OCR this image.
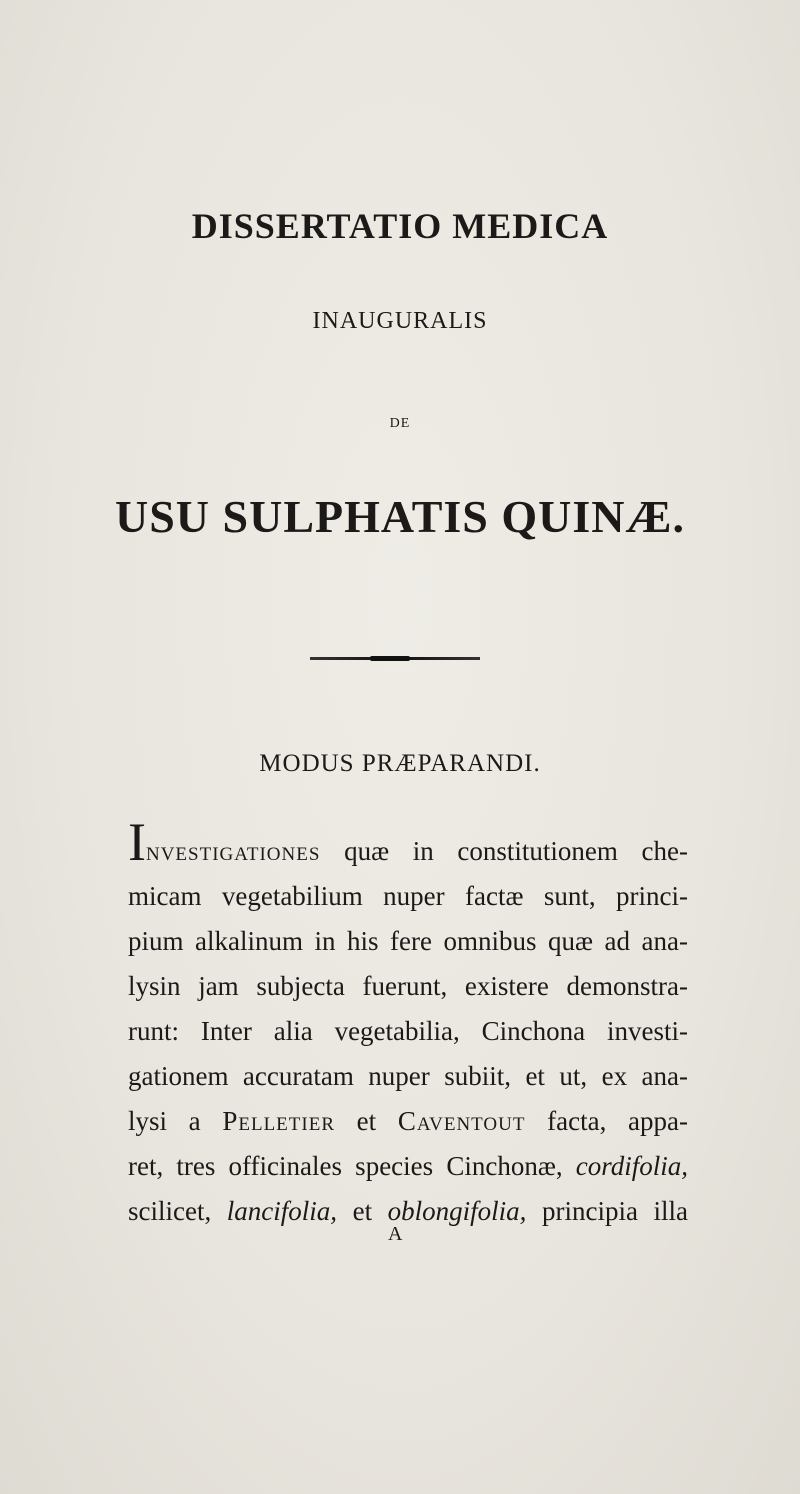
DISSERTATIO MEDICA
INAUGURALIS
DE
USU SULPHATIS QUINÆ.
MODUS PRÆPARANDI.
Investigationes quæ in constitutionem che-
micam vegetabilium nuper factæ sunt, princi-
pium alkalinum in his fere omnibus quæ ad ana-
lysin jam subjecta fuerunt, existere demonstra-
runt: Inter alia vegetabilia, Cinchona investi-
gationem accuratam nuper subiit, et ut, ex ana-
lysi a Pelletier et Caventout facta, appa-
ret, tres officinales species Cinchonæ, cordifolia,
scilicet, lancifolia, et oblongifolia, principia illa
A
